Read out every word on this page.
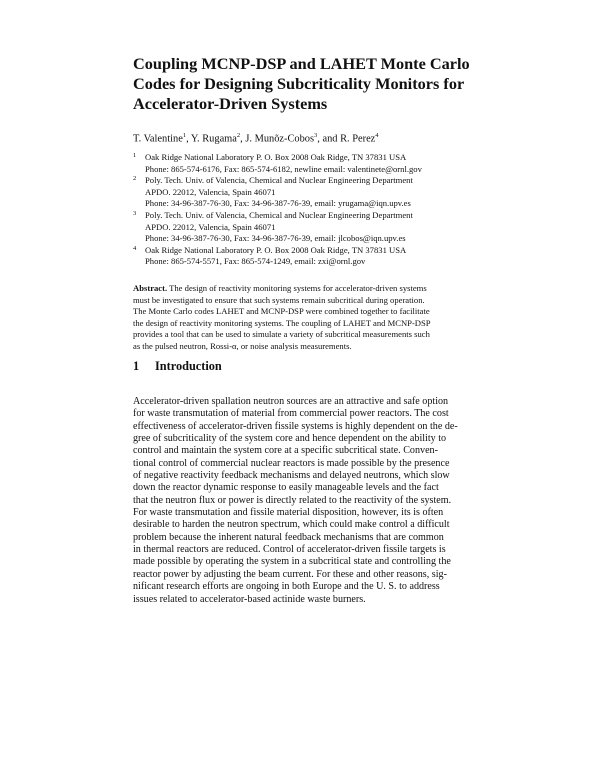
Coupling MCNP-DSP and LAHET Monte Carlo
Codes for Designing Subcriticality Monitors for
Accelerator-Driven Systems
T. Valentine$^1$, Y. Rugama$^2$, J. Munõz-Cobos$^3$, and R. Perez$^4$
1 Oak Ridge National Laboratory P. O. Box 2008 Oak Ridge, TN 37831 USA
Phone: 865-574-6176, Fax: 865-574-6182, newline email: valentinete@ornl.gov
2 Poly. Tech. Univ. of Valencia, Chemical and Nuclear Engineering Department
APDO. 22012, Valencia, Spain 46071
Phone: 34-96-387-76-30, Fax: 34-96-387-76-39, email: yrugama@iqn.upv.es
3 Poly. Tech. Univ. of Valencia, Chemical and Nuclear Engineering Department
APDO. 22012, Valencia, Spain 46071
Phone: 34-96-387-76-30, Fax: 34-96-387-76-39, email: jlcobos@iqn.upv.es
4 Oak Ridge National Laboratory P. O. Box 2008 Oak Ridge, TN 37831 USA
Phone: 865-574-5571, Fax: 865-574-1249, email: zxi@ornl.gov
Abstract. The design of reactivity monitoring systems for accelerator-driven systems
must be investigated to ensure that such systems remain subcritical during operation.
The Monte Carlo codes LAHET and MCNP-DSP were combined together to facilitate
the design of reactivity monitoring systems. The coupling of LAHET and MCNP-DSP
provides a tool that can be used to simulate a variety of subcritical measurements such
as the pulsed neutron, Rossi-α, or noise analysis measurements.
1 Introduction
Accelerator-driven spallation neutron sources are an attractive and safe option
for waste transmutation of material from commercial power reactors. The cost
effectiveness of accelerator-driven fissile systems is highly dependent on the de-
gree of subcriticality of the system core and hence dependent on the ability to
control and maintain the system core at a specific subcritical state. Conven-
tional control of commercial nuclear reactors is made possible by the presence
of negative reactivity feedback mechanisms and delayed neutrons, which slow
down the reactor dynamic response to easily manageable levels and the fact
that the neutron flux or power is directly related to the reactivity of the system.
For waste transmutation and fissile material disposition, however, its is often
desirable to harden the neutron spectrum, which could make control a difficult
problem because the inherent natural feedback mechanisms that are common
in thermal reactors are reduced. Control of accelerator-driven fissile targets is
made possible by operating the system in a subcritical state and controlling the
reactor power by adjusting the beam current. For these and other reasons, sig-
nificant research efforts are ongoing in both Europe and the U. S. to address
issues related to accelerator-based actinide waste burners.
